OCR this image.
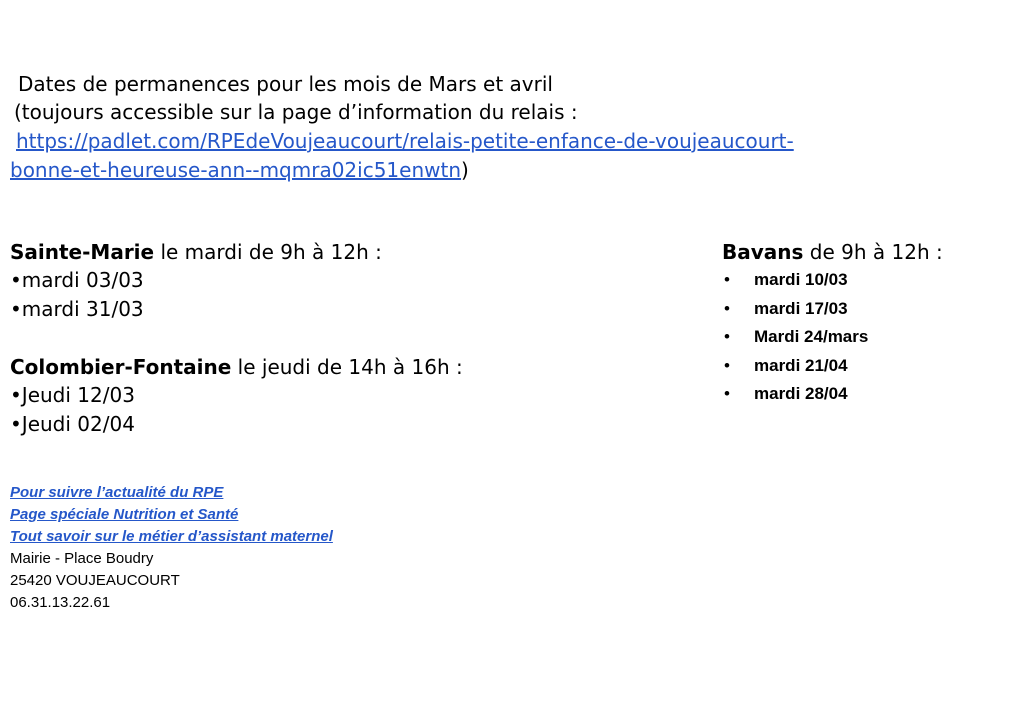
Dates de permanences pour les mois de Mars et avril
(toujours accessible sur la page d’information du relais :
https://padlet.com/RPEdeVoujeaucourt/relais-petite-enfance-de-voujeaucourt-
bonne-et-heureuse-ann--mqmra02ic51enwtn)
Sainte-Marie le mardi de 9h à 12h :
•mardi 03/03
•mardi 31/03
Colombier-Fontaine le jeudi de 14h à 16h :
•Jeudi 12/03
•Jeudi 02/04
Bavans de 9h à 12h :
• mardi 10/03
• mardi 17/03
• Mardi 24/mars
• mardi 21/04
• mardi 28/04
Pour suivre l’actualité du RPE
Page spéciale Nutrition et Santé
Tout savoir sur le métier d’assistant maternel
Mairie - Place Boudry
25420 VOUJEAUCOURT
06.31.13.22.61
